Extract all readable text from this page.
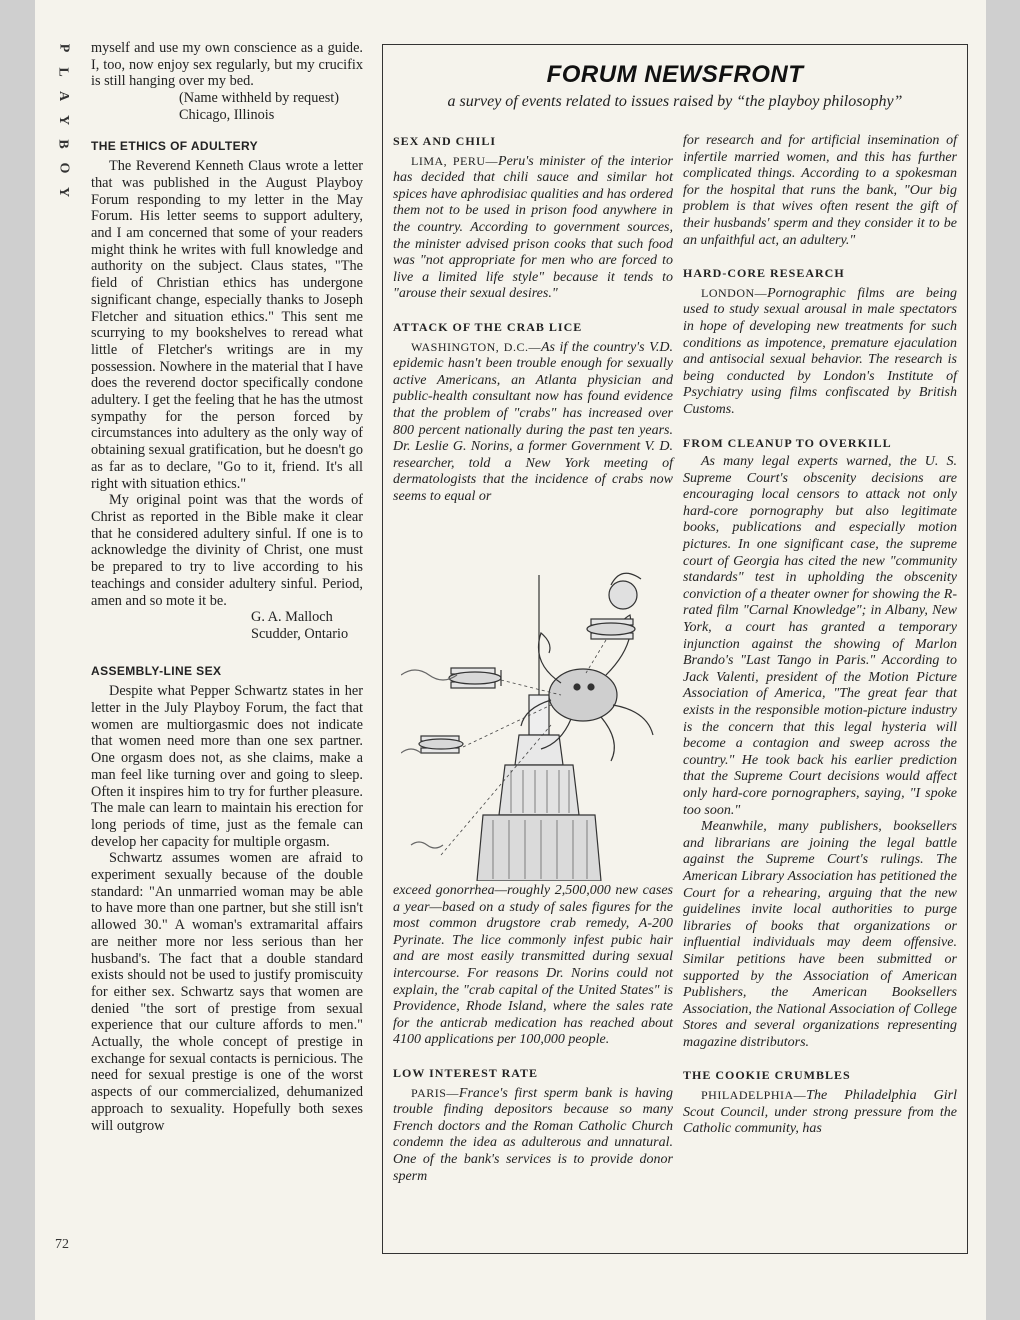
P
L
A
Y
B
O
Y
72

myself and use my own conscience as a guide. I, too, now enjoy sex regularly, but my crucifix is still hanging over my bed.

(Name withheld by request)

Chicago, Illinois

THE ETHICS OF ADULTERY

The Reverend Kenneth Claus wrote a letter that was published in the August Playboy Forum responding to my letter in the May Forum. His letter seems to support adultery, and I am concerned that some of your readers might think he writes with full knowledge and authority on the subject. Claus states, "The field of Christian ethics has undergone significant change, especially thanks to Joseph Fletcher and situation ethics." This sent me scurrying to my bookshelves to reread what little of Fletcher's writings are in my possession. Nowhere in the material that I have does the reverend doctor specifically condone adultery. I get the feeling that he has the utmost sympathy for the person forced by circumstances into adultery as the only way of obtaining sexual gratification, but he doesn't go as far as to declare, "Go to it, friend. It's all right with situation ethics."

My original point was that the words of Christ as reported in the Bible make it clear that he considered adultery sinful. If one is to acknowledge the divinity of Christ, one must be prepared to try to live according to his teachings and consider adultery sinful. Period, amen and so mote it be.

G. A. Malloch

Scudder, Ontario

ASSEMBLY-LINE SEX

Despite what Pepper Schwartz states in her letter in the July Playboy Forum, the fact that women are multiorgasmic does not indicate that women need more than one sex partner. One orgasm does not, as she claims, make a man feel like turning over and going to sleep. Often it inspires him to try for further pleasure. The male can learn to maintain his erection for long periods of time, just as the female can develop her capacity for multiple orgasm.

Schwartz assumes women are afraid to experiment sexually because of the double standard: "An unmarried woman may be able to have more than one partner, but she still isn't allowed 30." A woman's extramarital affairs are neither more nor less serious than her husband's. The fact that a double standard exists should not be used to justify promiscuity for either sex. Schwartz says that women are denied "the sort of prestige from sexual experience that our culture affords to men." Actually, the whole concept of prestige in exchange for sexual contacts is pernicious. The need for sexual prestige is one of the worst aspects of our commercialized, dehumanized approach to sexuality. Hopefully both sexes will outgrow

FORUM NEWSFRONT
a survey of events related to issues raised by “the playboy philosophy”
SEX AND CHILI

LIMA, PERU—Peru's minister of the interior has decided that chili sauce and similar hot spices have aphrodisiac qualities and has ordered them not to be used in prison food anywhere in the country. According to government sources, the minister advised prison cooks that such food was "not appropriate for men who are forced to live a limited life style" because it tends to "arouse their sexual desires."

ATTACK OF THE CRAB LICE

WASHINGTON, D.C.—As if the country's V.D. epidemic hasn't been trouble enough for sexually active Americans, an Atlanta physician and public-health consultant now has found evidence that the problem of "crabs" has increased over 800 percent nationally during the past ten years. Dr. Leslie G. Norins, a former Government V. D. researcher, told a New York meeting of dermatologists that the incidence of crabs now seems to equal or

exceed gonorrhea—roughly 2,500,000 new cases a year—based on a study of sales figures for the most common drugstore crab remedy, A-200 Pyrinate. The lice commonly infest pubic hair and are most easily transmitted during sexual intercourse. For reasons Dr. Norins could not explain, the "crab capital of the United States" is Providence, Rhode Island, where the sales rate for the anticrab medication has reached about 4100 applications per 100,000 people.

LOW INTEREST RATE

PARIS—France's first sperm bank is having trouble finding depositors because so many French doctors and the Roman Catholic Church condemn the idea as adulterous and unnatural. One of the bank's services is to provide donor sperm

for research and for artificial insemination of infertile married women, and this has further complicated things. According to a spokesman for the hospital that runs the bank, "Our big problem is that wives often resent the gift of their husbands' sperm and they consider it to be an unfaithful act, an adultery."

HARD-CORE RESEARCH

LONDON—Pornographic films are being used to study sexual arousal in male spectators in hope of developing new treatments for such conditions as impotence, premature ejaculation and antisocial sexual behavior. The research is being conducted by London's Institute of Psychiatry using films confiscated by British Customs.

FROM CLEANUP TO OVERKILL

As many legal experts warned, the U. S. Supreme Court's obscenity decisions are encouraging local censors to attack not only hard-core pornography but also legitimate books, publications and especially motion pictures. In one significant case, the supreme court of Georgia has cited the new "community standards" test in upholding the obscenity conviction of a theater owner for showing the R-rated film "Carnal Knowledge"; in Albany, New York, a court has granted a temporary injunction against the showing of Marlon Brando's "Last Tango in Paris." According to Jack Valenti, president of the Motion Picture Association of America, "The great fear that exists in the responsible motion-picture industry is the concern that this legal hysteria will become a contagion and sweep across the country." He took back his earlier prediction that the Supreme Court decisions would affect only hard-core pornographers, saying, "I spoke too soon."

Meanwhile, many publishers, booksellers and librarians are joining the legal battle against the Supreme Court's rulings. The American Library Association has petitioned the Court for a rehearing, arguing that the new guidelines invite local authorities to purge libraries of books that organizations or influential individuals may deem offensive. Similar petitions have been submitted or supported by the Association of American Publishers, the American Booksellers Association, the National Association of College Stores and several organizations representing magazine distributors.

THE COOKIE CRUMBLES

PHILADELPHIA—The Philadelphia Girl Scout Council, under strong pressure from the Catholic community, has
